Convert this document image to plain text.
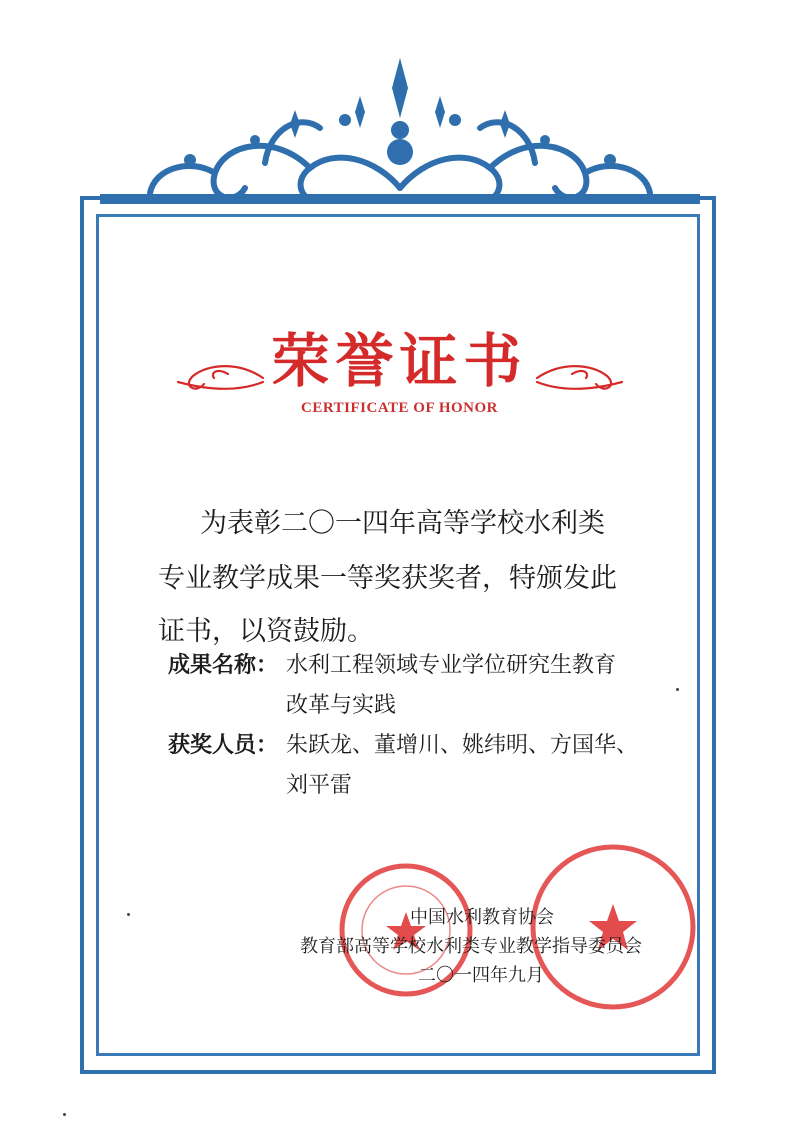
荣誉证书
CERTIFICATE OF HONOR
为表彰二〇一四年高等学校水利类
专业教学成果一等奖获奖者，特颁发此
证书，以资鼓励。
成果名称： 水利工程领域专业学位研究生教育
改革与实践
获奖人员： 朱跃龙、董增川、姚纬明、方国华、
刘平雷
中国水利教育协会
教育部高等学校水利类专业教学指导委员会
二〇一四年九月
